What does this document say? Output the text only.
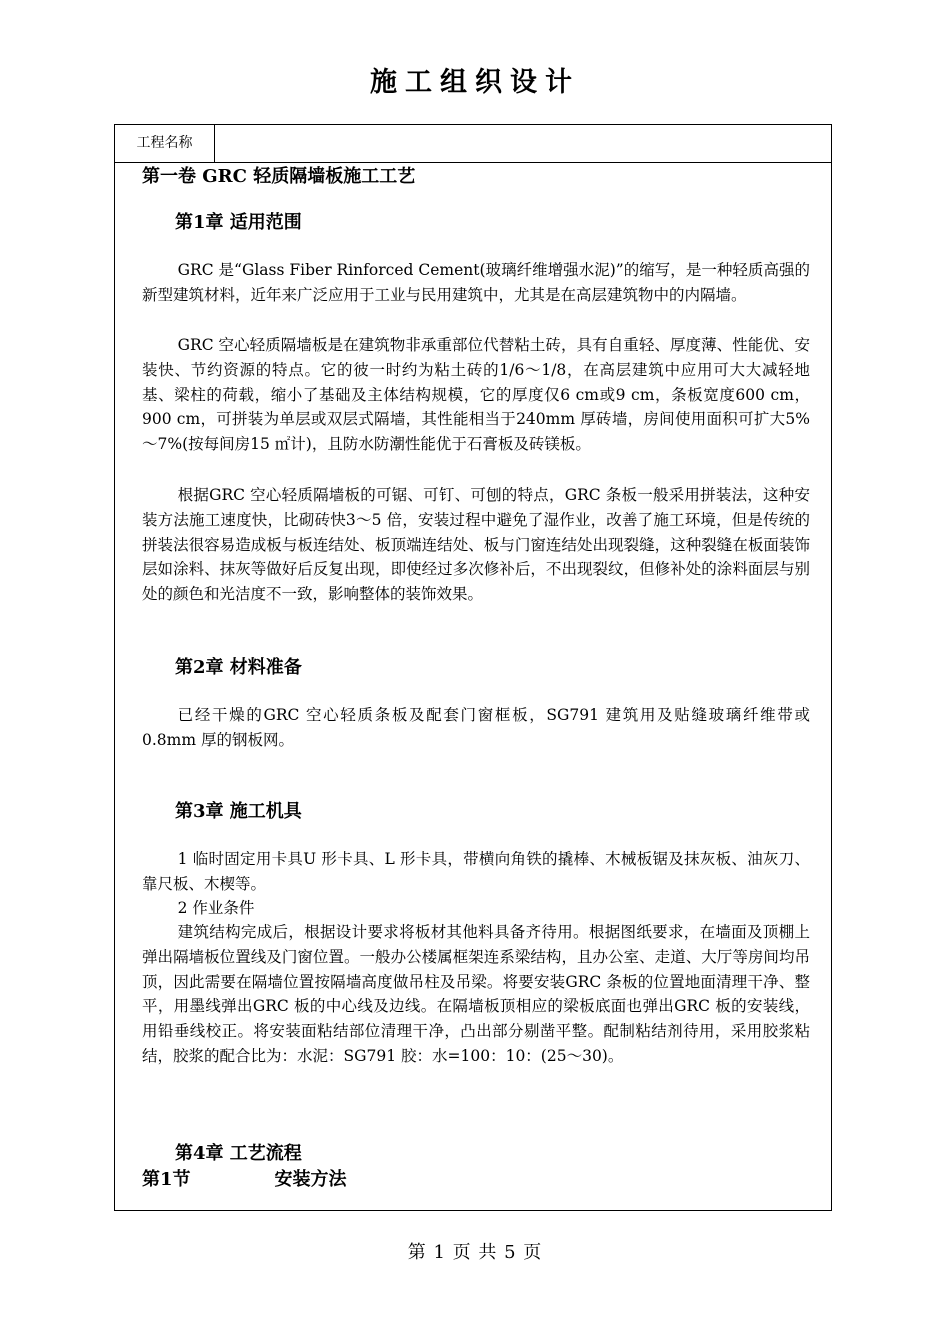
施工组织设计
工程名称
第一卷 GRC 轻质隔墙板施工工艺
第1章 适用范围
GRC 是“Glass Fiber Rinforced Cement(玻璃纤维增强水泥)”的缩写，是一种轻质高强的新型建筑材料，近年来广泛应用于工业与民用建筑中，尤其是在高层建筑物中的内隔墙。
GRC 空心轻质隔墙板是在建筑物非承重部位代替粘土砖，具有自重轻、厚度薄、性能优、安装快、节约资源的特点。它的彼一时约为粘土砖的1/6～1/8，在高层建筑中应用可大大减轻地基、梁柱的荷载，缩小了基础及主体结构规模，它的厚度仅6 cm或9 cm，条板宽度600 cm，900 cm，可拼装为单层或双层式隔墙，其性能相当于240mm 厚砖墙，房间使用面积可扩大5%～7%(按每间房15 ㎡计)，且防水防潮性能优于石膏板及砖镁板。
根据GRC 空心轻质隔墙板的可锯、可钉、可刨的特点，GRC 条板一般采用拼装法，这种安装方法施工速度快，比砌砖快3～5 倍，安装过程中避免了湿作业，改善了施工环境，但是传统的拼装法很容易造成板与板连结处、板顶端连结处、板与门窗连结处出现裂缝，这种裂缝在板面装饰层如涂料、抹灰等做好后反复出现，即使经过多次修补后，不出现裂纹，但修补处的涂料面层与别处的颜色和光洁度不一致，影响整体的装饰效果。
第2章 材料准备
已经干燥的GRC 空心轻质条板及配套门窗框板，SG791 建筑用及贴缝玻璃纤维带或0.8mm 厚的钢板网。
第3章 施工机具
1 临时固定用卡具U 形卡具、L 形卡具，带横向角铁的撬棒、木械板锯及抹灰板、油灰刀、靠尺板、木楔等。
2 作业条件
建筑结构完成后，根据设计要求将板材其他料具备齐待用。根据图纸要求，在墙面及顶棚上弹出隔墙板位置线及门窗位置。一般办公楼属框架连系梁结构，且办公室、走道、大厅等房间均吊顶，因此需要在隔墙位置按隔墙高度做吊柱及吊梁。将要安装GRC 条板的位置地面清理干净、整平，用墨线弹出GRC 板的中心线及边线。在隔墙板顶相应的梁板底面也弹出GRC 板的安装线，用铅垂线校正。将安装面粘结部位清理干净，凸出部分剔凿平整。配制粘结剂待用，采用胶浆粘结，胶浆的配合比为：水泥：SG791 胶：水=100：10：(25～30)。
第4章 工艺流程
第1节	安装方法
第 1 页 共 5 页
